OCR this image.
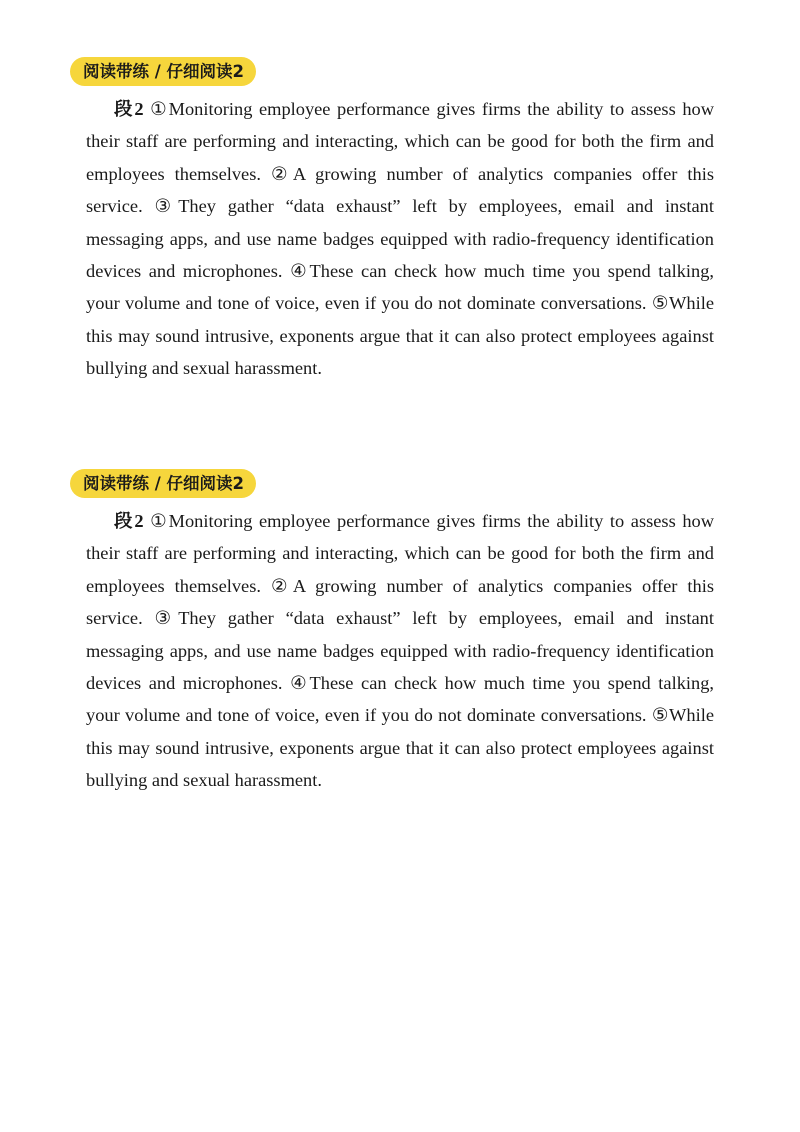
阅读带练 / 仔细阅读2

段2 ①Monitoring employee performance gives firms the ability to assess how their staff are performing and interacting, which can be good for both the firm and employees themselves. ②A growing number of analytics companies offer this service. ③They gather “data exhaust” left by employees, email and instant messaging apps, and use name badges equipped with radio-frequency identification devices and microphones. ④These can check how much time you spend talking, your volume and tone of voice, even if you do not dominate conversations. ⑤While this may sound intrusive, exponents argue that it can also protect employees against bullying and sexual harassment.

阅读带练 / 仔细阅读2

段2 ①Monitoring employee performance gives firms the ability to assess how their staff are performing and interacting, which can be good for both the firm and employees themselves. ②A growing number of analytics companies offer this service. ③They gather “data exhaust” left by employees, email and instant messaging apps, and use name badges equipped with radio-frequency identification devices and microphones. ④These can check how much time you spend talking, your volume and tone of voice, even if you do not dominate conversations. ⑤While this may sound intrusive, exponents argue that it can also protect employees against bullying and sexual harassment.
